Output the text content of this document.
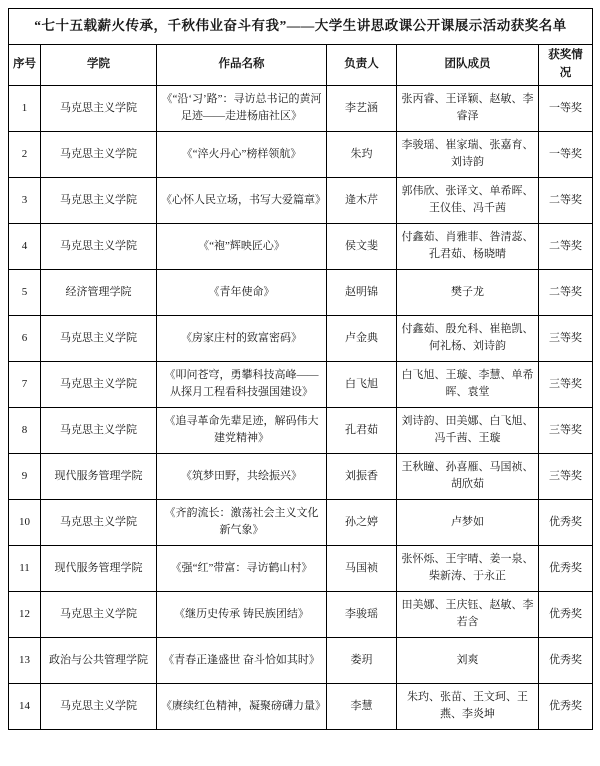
“七十五载薪火传承，千秋伟业奋斗有我”——大学生讲思政课公开课展示活动获奖名单					
序号	学院	作品名称	负责人	团队成员	获奖情况
1	马克思主义学院	《“沿‘习’路”：寻访总书记的黄河足迹——走进杨庙社区》	李艺涵	张丙睿、王译颖、赵敏、李睿泽	一等奖
2	马克思主义学院	《“淬火丹心”榜样领航》	朱玓	李骏瑶、崔家瑞、张嘉育、刘诗韵	一等奖
3	马克思主义学院	《心怀人民立场，书写大爱篇章》	逄木芹	郭伟欣、张译文、单希晖、王仪佳、冯千茜	二等奖
4	马克思主义学院	《“袍”辉映匠心》	侯文斐	付鑫茹、肖雅菲、昝清蕊、孔君茹、杨晓晴	二等奖
5	经济管理学院	《青年使命》	赵明锦	樊子龙	二等奖
6	马克思主义学院	《房家庄村的致富密码》	卢金典	付鑫茹、殷允科、崔艳凯、何礼杨、刘诗韵	三等奖
7	马克思主义学院	《叩问苍穹，勇攀科技高峰——从探月工程看科技强国建设》	白飞旭	白飞旭、王璇、李慧、单希晖、袁堂	三等奖
8	马克思主义学院	《追寻革命先辈足迹，解码伟大建党精神》	孔君茹	刘诗韵、田美娜、白飞旭、冯千茜、王璇	三等奖
9	现代服务管理学院	《筑梦田野，共绘振兴》	刘振香	王秋瞳、孙喜雁、马国祯、胡欣茹	三等奖
10	马克思主义学院	《齐韵流长：激荡社会主义文化新气象》	孙之婷	卢梦如	优秀奖
11	现代服务管理学院	《强“红”带富：寻访鹤山村》	马国祯	张怀烁、王宇晴、姜一泉、柴新涛、于永正	优秀奖
12	马克思主义学院	《继历史传承 铸民族团结》	李骏瑶	田美娜、王庆钰、赵敏、李若含	优秀奖
13	政治与公共管理学院	《青春正逢盛世 奋斗恰如其时》	娄玥	刘爽	优秀奖
14	马克思主义学院	《赓续红色精神，凝聚磅礴力量》	李慧	朱玓、张苗、王文珂、王燕、李炎坤	优秀奖
